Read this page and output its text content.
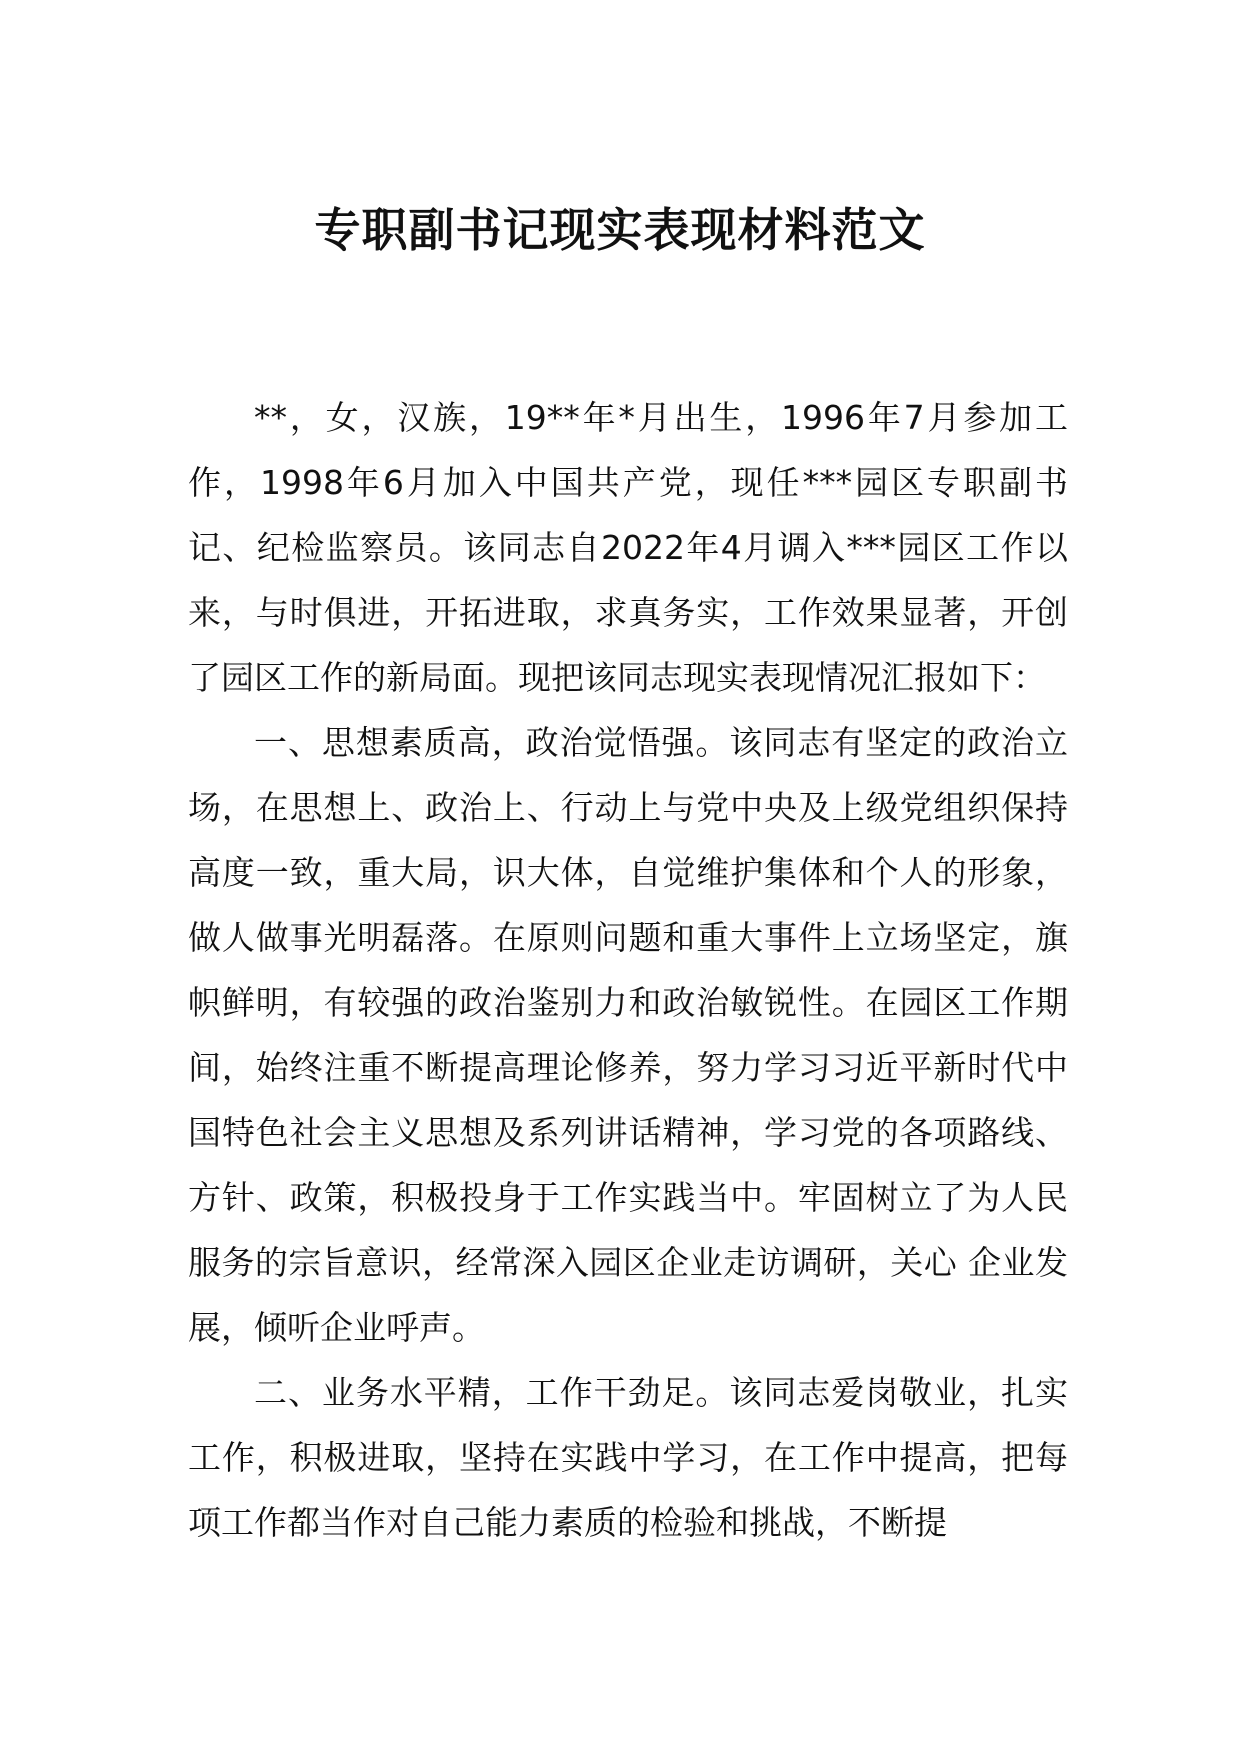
专职副书记现实表现材料范文

**，女，汉族，19**年*月出生，1996年7月参加工作，1998年6月加入中国共产党，现任***园区专职副书记、纪检监察员。该同志自2022年4月调入***园区工作以来，与时俱进，开拓进取，求真务实，工作效果显著，开创了园区工作的新局面。现把该同志现实表现情况汇报如下：

一、思想素质高，政治觉悟强。该同志有坚定的政治立场，在思想上、政治上、行动上与党中央及上级党组织保持高度一致，重大局，识大体，自觉维护集体和个人的形象，做人做事光明磊落。在原则问题和重大事件上立场坚定，旗帜鲜明，有较强的政治鉴别力和政治敏锐性。在园区工作期间，始终注重不断提高理论修养，努力学习习近平新时代中国特色社会主义思想及系列讲话精神，学习党的各项路线、方针、政策，积极投身于工作实践当中。牢固树立了为人民服务的宗旨意识，经常深入园区企业走访调研，关心 企业发展，倾听企业呼声。

二、业务水平精，工作干劲足。该同志爱岗敬业，扎实工作，积极进取，坚持在实践中学习，在工作中提高，把每项工作都当作对自己能力素质的检验和挑战，不断提
